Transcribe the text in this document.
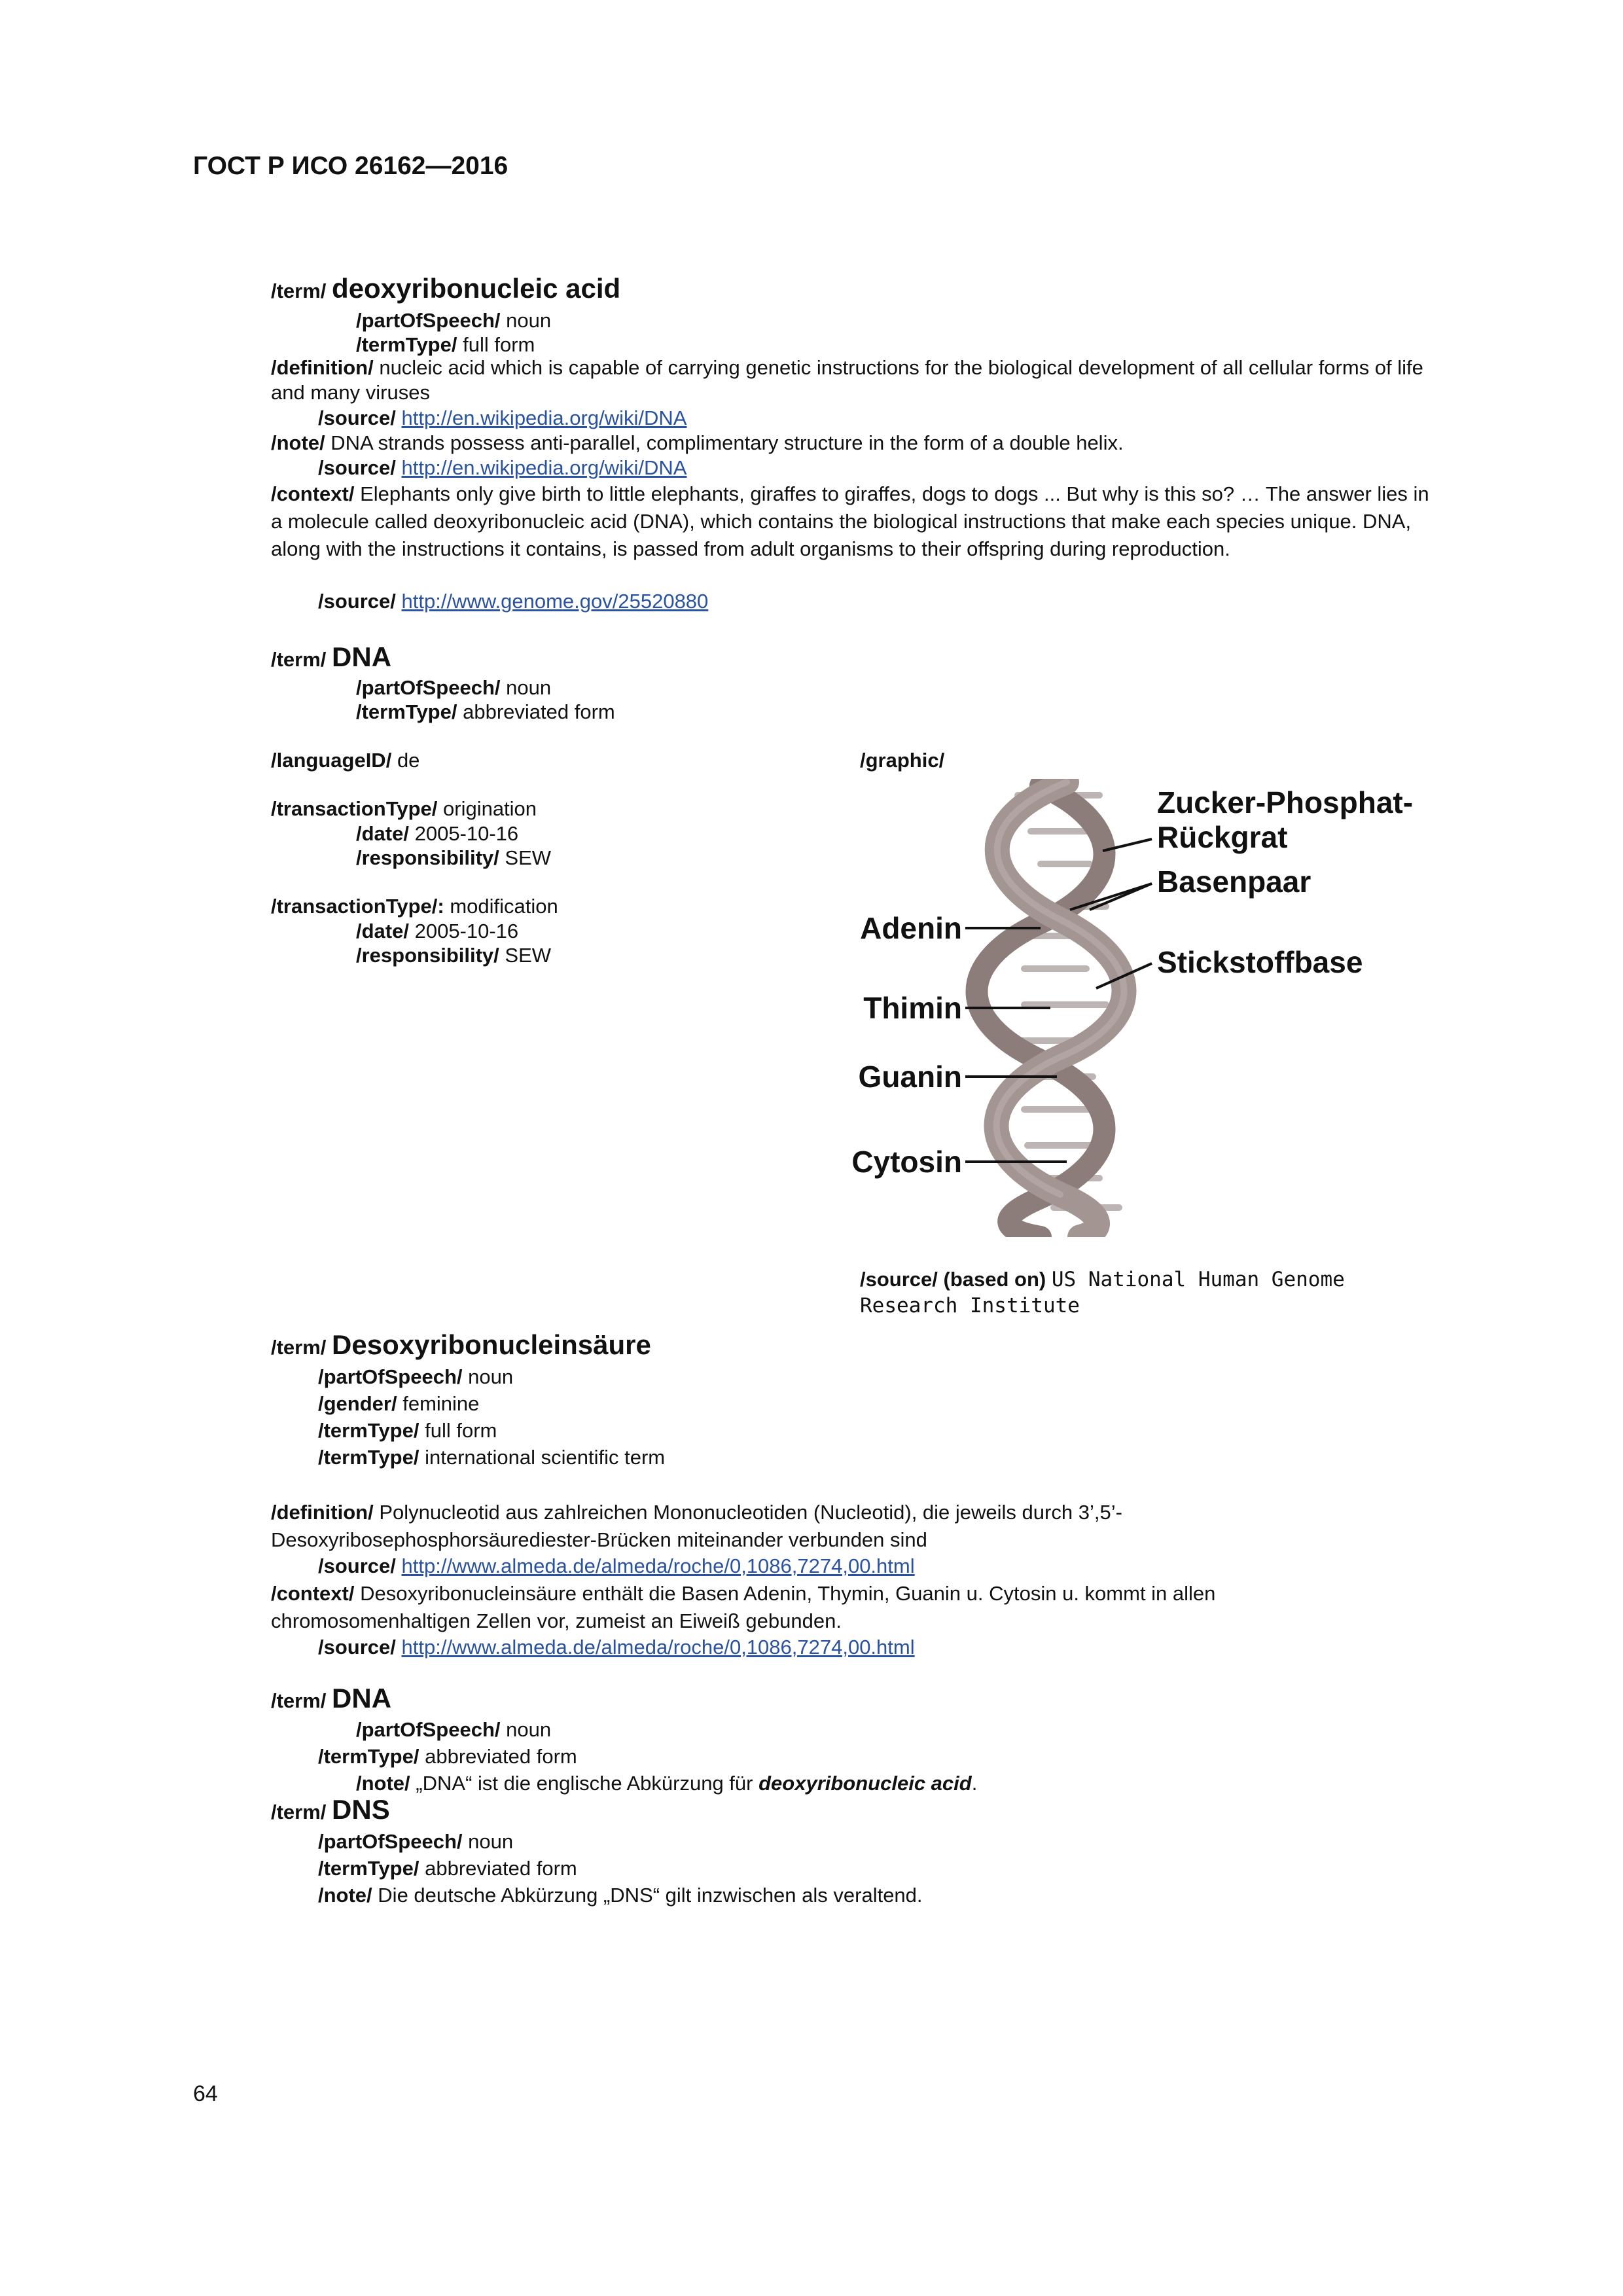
ГОСТ Р ИСО 26162—2016
/term/ deoxyribonucleic acid
/partOfSpeech/ noun
/termType/ full form
/definition/ nucleic acid which is capable of carrying genetic instructions for the biological development of all cellular forms of life and many viruses
/source/ http://en.wikipedia.org/wiki/DNA
/note/ DNA strands possess anti-parallel, complimentary structure in the form of a double helix.
/source/ http://en.wikipedia.org/wiki/DNA
/context/ Elephants only give birth to little elephants, giraffes to giraffes, dogs to dogs ... But why is this so? … The answer lies in a molecule called deoxyribonucleic acid (DNA), which contains the biological instructions that make each species unique. DNA, along with the instructions it contains, is passed from adult organisms to their offspring during reproduction.
/source/ http://www.genome.gov/25520880
/term/ DNA
/partOfSpeech/ noun
/termType/ abbreviated form
/languageID/ de
/transactionType/ origination
/date/ 2005-10-16
/responsibility/ SEW
/transactionType/: modification
/date/ 2005-10-16
/responsibility/ SEW
/graphic/
Zucker-Phosphat-
Rückgrat
Basenpaar
Stickstoffbase
Adenin
Thimin
Guanin
Cytosin
/source/ (based on) US National Human Genome Research Institute
/term/ Desoxyribonucleinsäure
/partOfSpeech/ noun
/gender/ feminine
/termType/ full form
/termType/ international scientific term
/definition/ Polynucleotid aus zahlreichen Mononucleotiden (Nucleotid), die jeweils durch 3’,5’-Desoxyribosephosphorsäurediester-Brücken miteinander verbunden sind
/source/ http://www.almeda.de/almeda/roche/0,1086,7274,00.html
/context/ Desoxyribonucleinsäure enthält die Basen Adenin, Thymin, Guanin u. Cytosin u. kommt in allen chromosomenhaltigen Zellen vor, zumeist an Eiweiß gebunden.
/source/ http://www.almeda.de/almeda/roche/0,1086,7274,00.html
/term/ DNA
/partOfSpeech/ noun
/termType/ abbreviated form
/note/ „DNA“ ist die englische Abkürzung für deoxyribonucleic acid.
/term/ DNS
/partOfSpeech/ noun
/termType/ abbreviated form
/note/ Die deutsche Abkürzung „DNS“ gilt inzwischen als veraltend.
64
